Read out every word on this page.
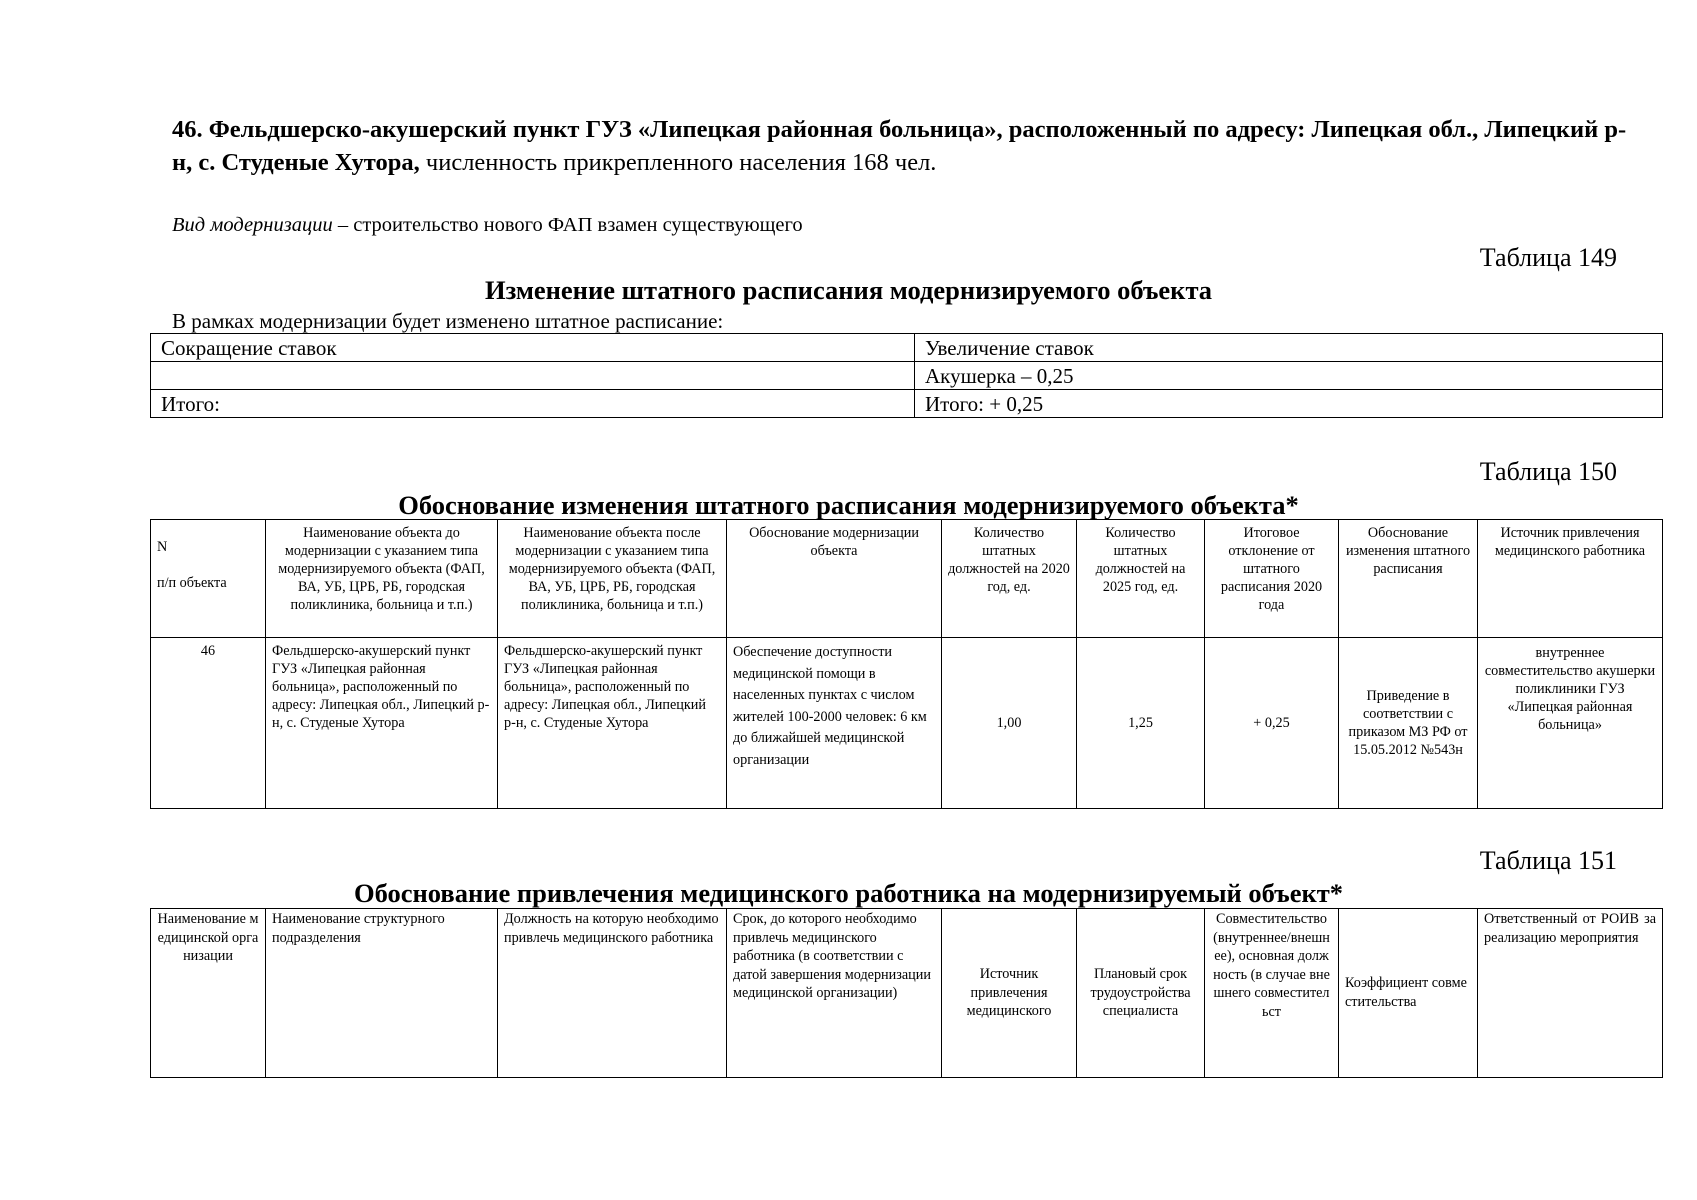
46. Фельдшерско-акушерский пункт ГУЗ «Липецкая районная больница», расположенный по адресу: Липецкая обл., Липецкий р-н, с. Студеные Хутора, численность прикрепленного населения 168 чел.
Вид модернизации – строительство нового ФАП взамен существующего
Таблица 149
Изменение штатного расписания модернизируемого объекта
В рамках модернизации будет изменено штатное расписание:
Сокращение ставок	Увеличение ставок
	Акушерка – 0,25
Итого:	Итого: + 0,25
Таблица 150
Обоснование изменения штатного расписания модернизируемого объекта*
N
п/п объекта	Наименование объекта до модернизации с указанием типа модернизируемого объекта (ФАП, ВА, УБ, ЦРБ, РБ, городская поликлиника, больница и т.п.)	Наименование объекта после модернизации с указанием типа модернизируемого объекта (ФАП, ВА, УБ, ЦРБ, РБ, городская поликлиника, больница и т.п.)	Обоснование модернизации объекта	Количество штатных должностей на 2020 год, ед.	Количество штатных должностей на 2025 год, ед.	Итоговое отклонение от штатного расписания 2020 года	Обоснование изменения штатного расписания	Источник привлечения медицинского работника
46	Фельдшерско-акушерский пункт ГУЗ «Липецкая районная больница», расположенный по адресу: Липецкая обл., Липецкий р-н, с. Студеные Хутора	Фельдшерско-акушерский пункт ГУЗ «Липецкая районная больница», расположенный по адресу: Липецкая обл., Липецкий р-н, с. Студеные Хутора	Обеспечение доступности медицинской помощи в населенных пунктах с числом жителей 100-2000 человек: 6 км до ближайшей медицинской организации	1,00	1,25	+ 0,25	Приведение в соответствии с приказом МЗ РФ от 15.05.2012 №543н	внутреннее совместительство акушерки поликлиники ГУЗ «Липецкая районная больница»
Таблица 151
Обоснование привлечения медицинского работника на модернизируемый объект*
Наименование медицинской организации	Наименование структурного подразделения	Должность на которую необходимо привлечь медицинского работника	Срок, до которого необходимо привлечь медицинского работника (в соответствии с датой завершения модернизации медицинской организации)	Источник привлечения медицинского	Плановый срок трудоустройства специалиста	Совместительство (внутреннее/внешнее), основная должность (в случае внешнего совместительст	Коэффициент совместительства	Ответственный от РОИВ за реализацию мероприятия
